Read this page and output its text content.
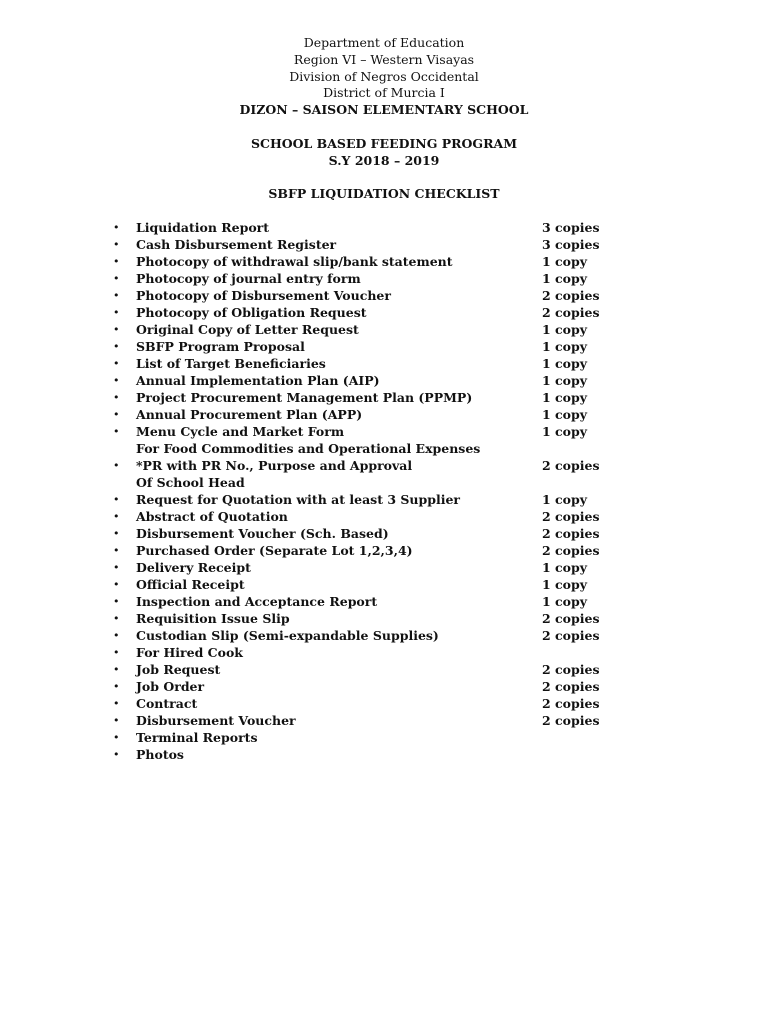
Department of Education
Region VI – Western Visayas
Division of Negros Occidental
District of Murcia I
DIZON – SAISON ELEMENTARY SCHOOL
SCHOOL BASED FEEDING PROGRAM
S.Y 2018 – 2019
SBFP LIQUIDATION CHECKLIST
• Liquidation Report	3 copies
• Cash Disbursement Register	3 copies
• Photocopy of withdrawal slip/bank statement	1 copy
• Photocopy of journal entry form	1 copy
• Photocopy of Disbursement Voucher	2 copies
• Photocopy of Obligation Request	2 copies
• Original Copy of Letter Request	1 copy
• SBFP Program Proposal	1 copy
• List of Target Beneficiaries	1 copy
• Annual Implementation Plan (AIP)	1 copy
• Project Procurement Management Plan (PPMP)	1 copy
• Annual Procurement Plan (APP)	1 copy
• Menu Cycle and Market Form	1 copy
For Food Commodities and Operational Expenses
• *PR with PR No., Purpose and Approval	2 copies
Of School Head
• Request for Quotation with at least 3 Supplier	1 copy
• Abstract of Quotation	2 copies
• Disbursement Voucher (Sch. Based)	2 copies
• Purchased Order (Separate Lot 1,2,3,4)	2 copies
• Delivery Receipt	1 copy
• Official Receipt	1 copy
• Inspection and Acceptance Report	1 copy
• Requisition Issue Slip	2 copies
• Custodian Slip (Semi-expandable Supplies)	2 copies
• For Hired Cook
• Job Request	2 copies
• Job Order	2 copies
• Contract	2 copies
• Disbursement Voucher	2 copies
• Terminal Reports
• Photos
